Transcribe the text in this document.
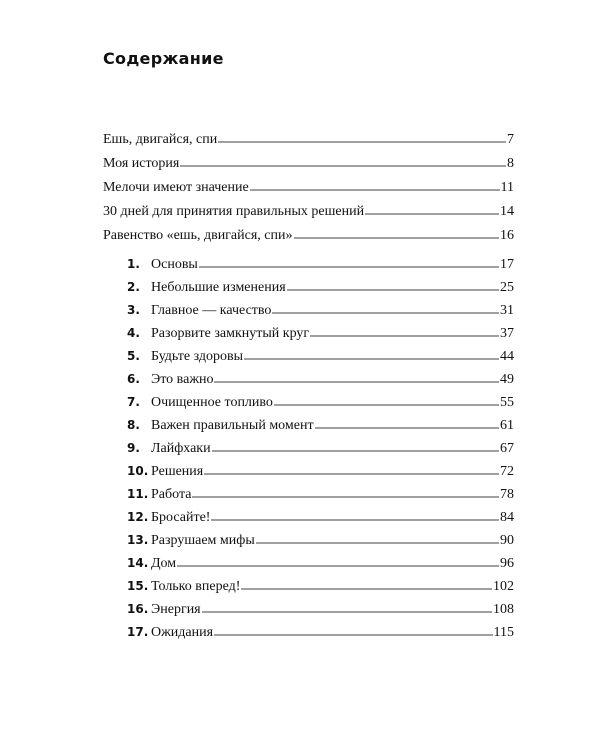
Содержание
Ешь, двигайся, спи	7
Моя история	8
Мелочи имеют значение	11
30 дней для принятия правильных решений	14
Равенство «ешь, двигайся, спи»	16
1. Основы	17
2. Небольшие изменения	25
3. Главное — качество	31
4. Разорвите замкнутый круг	37
5. Будьте здоровы	44
6. Это важно	49
7. Очищенное топливо	55
8. Важен правильный момент	61
9. Лайфхаки	67
10. Решения	72
11. Работа	78
12. Бросайте!	84
13. Разрушаем мифы	90
14. Дом	96
15. Только вперед!	102
16. Энергия	108
17. Ожидания	115
